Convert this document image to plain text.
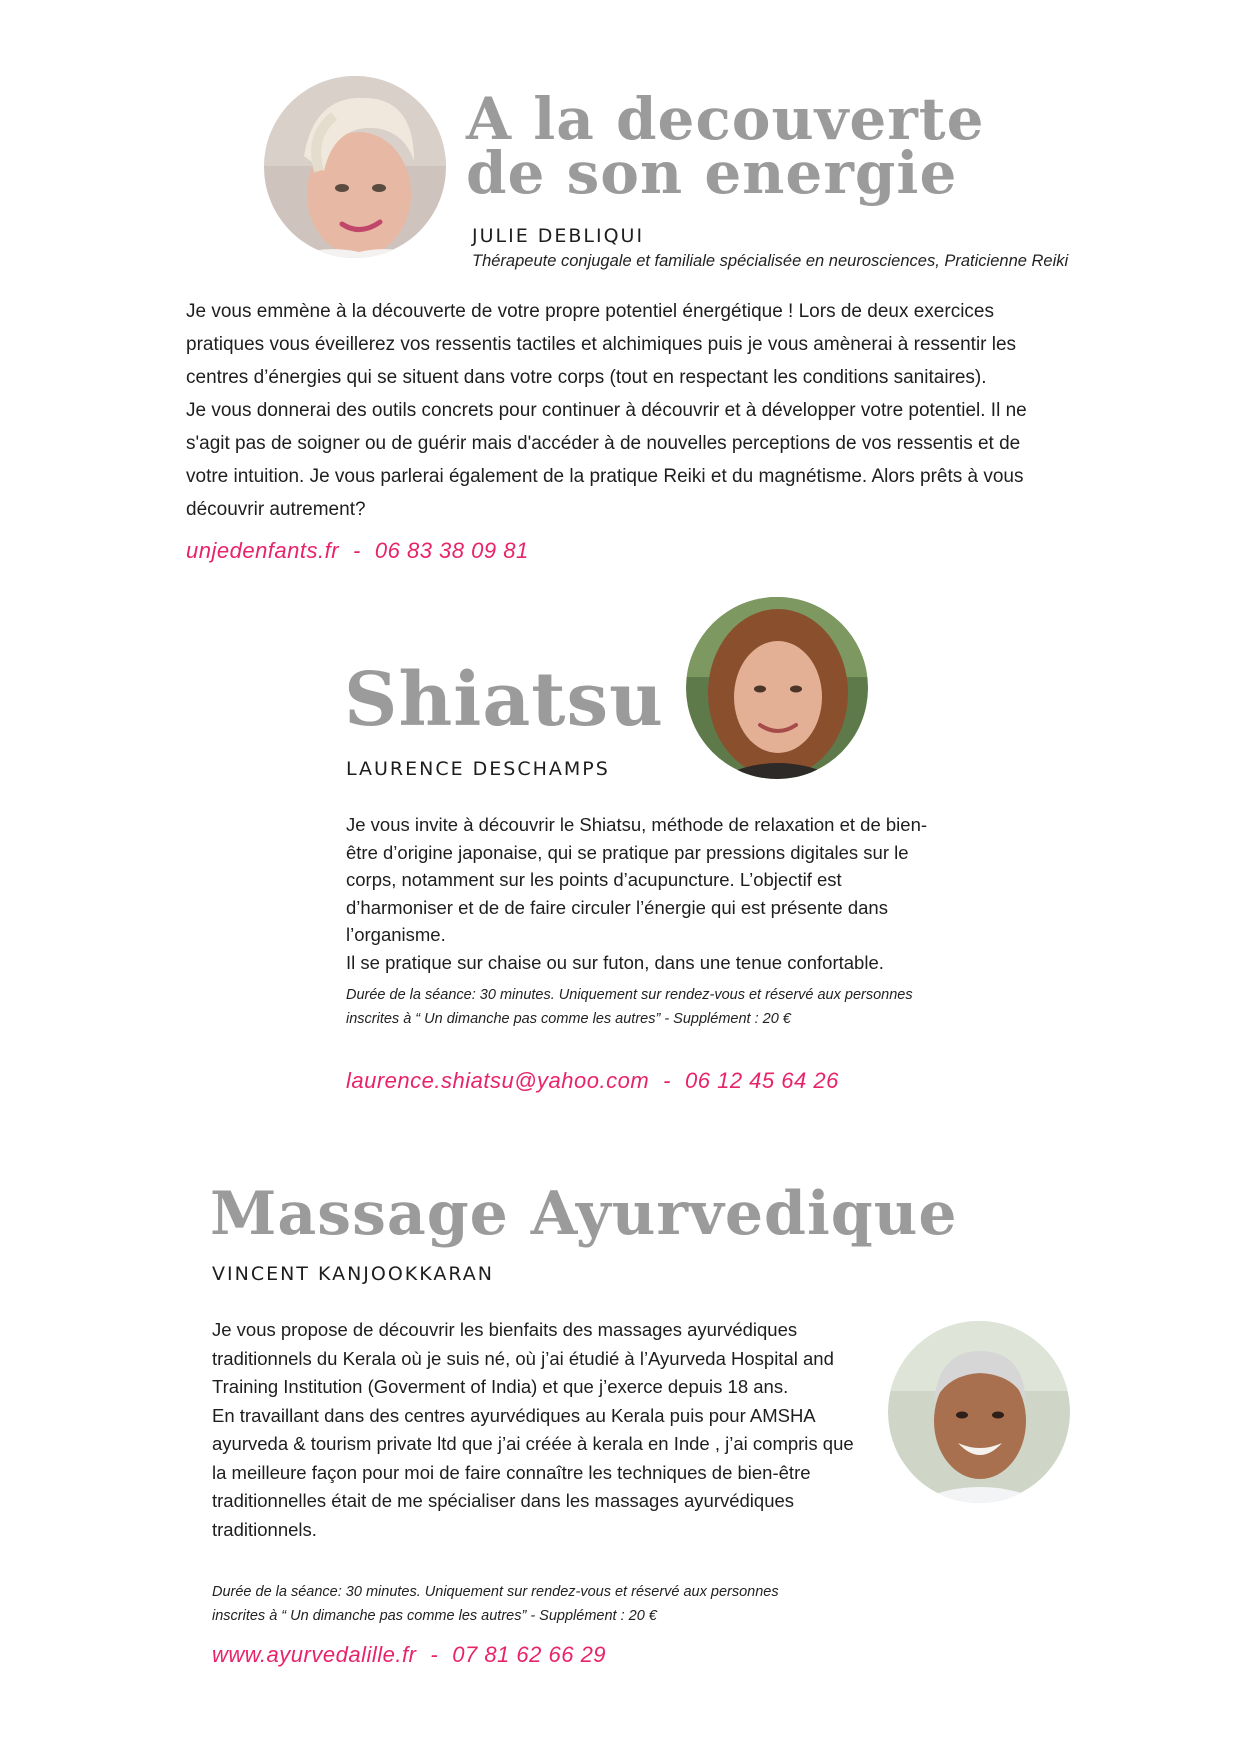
A la decouverte
de son energie
JULIE DEBLIQUI
Thérapeute conjugale et familiale spécialisée en neurosciences, Praticienne Reiki

Je vous emmène à la découverte de votre propre potentiel énergétique ! Lors de deux exercices pratiques vous éveillerez vos ressentis tactiles et alchimiques puis je vous amènerai à ressentir les centres d’énergies qui se situent dans votre corps (tout en respectant les conditions sanitaires).

Je vous donnerai des outils concrets pour continuer à découvrir et à développer votre potentiel. Il ne s'agit pas de soigner ou de guérir mais d'accéder à de nouvelles perceptions de vos ressentis et de votre intuition. Je vous parlerai également de la pratique Reiki et du magnétisme. Alors prêts à vous découvrir autrement?

unjedenfants.fr - 06 83 38 09 81
Shiatsu
LAURENCE DESCHAMPS

Je vous invite à découvrir le Shiatsu, méthode de relaxation et de bien-être d’origine japonaise, qui se pratique par pressions digitales sur le corps, notamment sur les points d’acupuncture. L’objectif est d’harmoniser et de de faire circuler l’énergie qui est présente dans l’organisme.

Il se pratique sur chaise ou sur futon, dans une tenue confortable.

Durée de la séance: 30 minutes. Uniquement sur rendez-vous et réservé aux personnes inscrites à “ Un dimanche pas comme les autres” - Supplément : 20 €
laurence.shiatsu@yahoo.com - 06 12 45 64 26
Massage Ayurvedique
VINCENT KANJOOKKARAN

Je vous propose de découvrir les bienfaits des massages ayurvédiques traditionnels du Kerala où je suis né, où j’ai étudié à l’Ayurveda Hospital and Training Institution (Goverment of India) et que j’exerce depuis 18 ans.

En travaillant dans des centres ayurvédiques au Kerala puis pour AMSHA ayurveda & tourism private ltd que j’ai créée à kerala en Inde , j’ai compris que la meilleure façon pour moi de faire connaître les techniques de bien-être traditionnelles était de me spécialiser dans les massages ayurvédiques traditionnels.

Durée de la séance: 30 minutes. Uniquement sur rendez-vous et réservé aux personnes inscrites à “ Un dimanche pas comme les autres” - Supplément : 20 €
www.ayurvedalille.fr - 07 81 62 66 29
